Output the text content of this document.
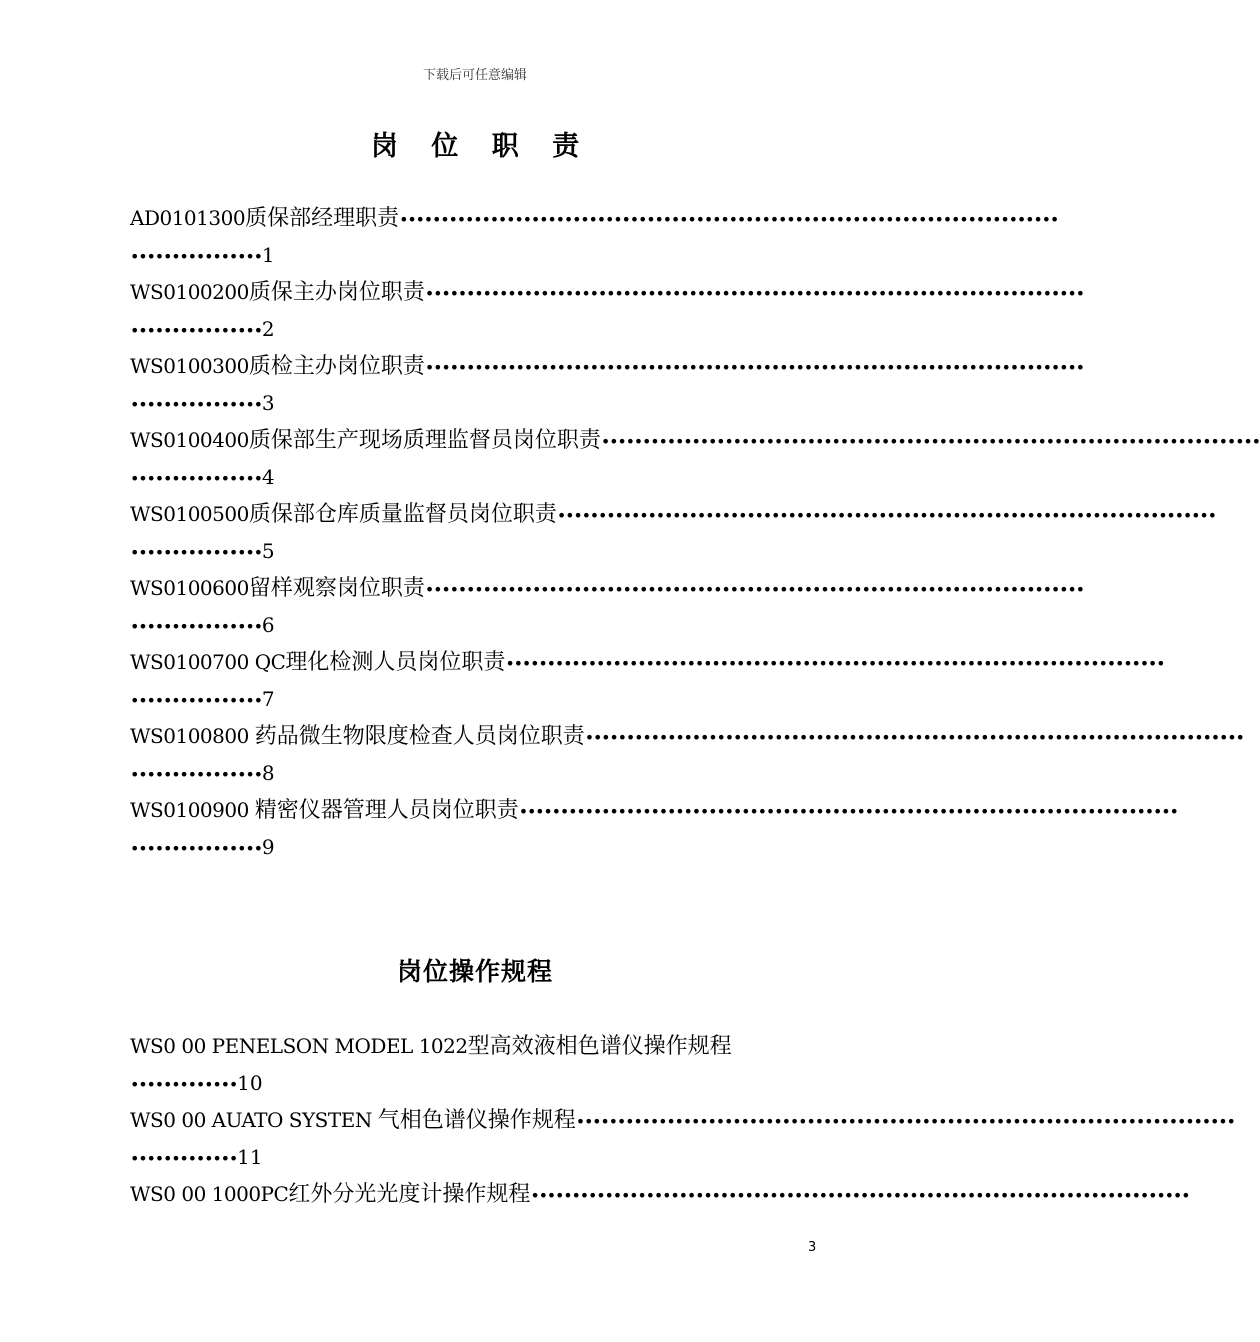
下载后可任意编辑
岗 位 职 责
AD0101300质保部经理职责••••••••••••••••••••••••••••••••••••••••••••••••••••••••••••••••••••••••••••••••
••••••••••••••••1
WS0100200质保主办岗位职责••••••••••••••••••••••••••••••••••••••••••••••••••••••••••••••••••••••••••••••••
••••••••••••••••2
WS0100300质检主办岗位职责••••••••••••••••••••••••••••••••••••••••••••••••••••••••••••••••••••••••••••••••
••••••••••••••••3
WS0100400质保部生产现场质理监督员岗位职责••••••••••••••••••••••••••••••••••••••••••••••••••••••••••••••••••••••••••••••••
••••••••••••••••4
WS0100500质保部仓库质量监督员岗位职责••••••••••••••••••••••••••••••••••••••••••••••••••••••••••••••••••••••••••••••••
••••••••••••••••5
WS0100600留样观察岗位职责••••••••••••••••••••••••••••••••••••••••••••••••••••••••••••••••••••••••••••••••
••••••••••••••••6
WS0100700 QC理化检测人员岗位职责••••••••••••••••••••••••••••••••••••••••••••••••••••••••••••••••••••••••••••••••
••••••••••••••••7
WS0100800 药品微生物限度检查人员岗位职责••••••••••••••••••••••••••••••••••••••••••••••••••••••••••••••••••••••••••••••••
••••••••••••••••8
WS0100900 精密仪器管理人员岗位职责••••••••••••••••••••••••••••••••••••••••••••••••••••••••••••••••••••••••••••••••
••••••••••••••••9
岗位操作规程
WS0 00 PENELSON MODEL 1022型高效液相色谱仪操作规程
•••••••••••••10
WS0 00 AUATO SYSTEN 气相色谱仪操作规程••••••••••••••••••••••••••••••••••••••••••••••••••••••••••••••••••••••••••••••••
•••••••••••••11
WS0 00 1000PC红外分光光度计操作规程••••••••••••••••••••••••••••••••••••••••••••••••••••••••••••••••••••••••••••••••
3
